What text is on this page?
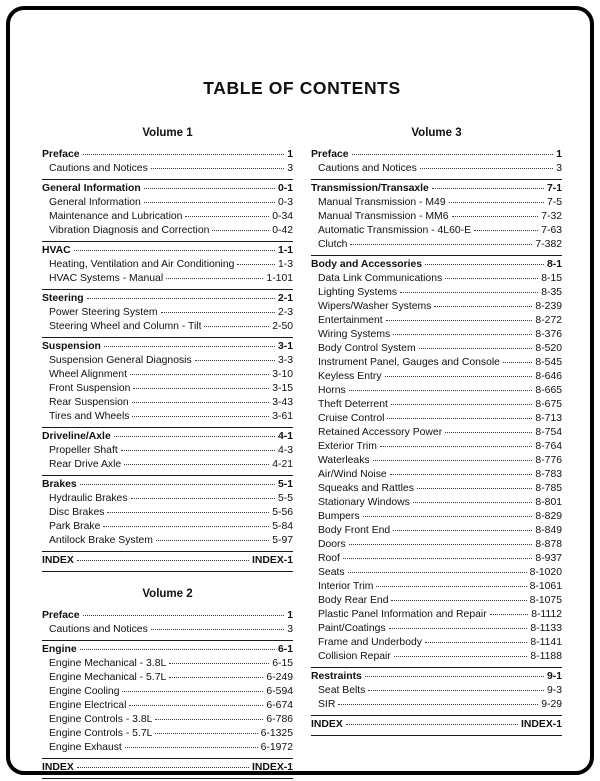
TABLE OF CONTENTS
Volume 1
Preface	1
Cautions and Notices	3
General Information	0-1
General Information	0-3
Maintenance and Lubrication	0-34
Vibration Diagnosis and Correction	0-42
HVAC	1-1
Heating, Ventilation and Air Conditioning	1-3
HVAC Systems - Manual	1-101
Steering	2-1
Power Steering System	2-3
Steering Wheel and Column - Tilt	2-50
Suspension	3-1
Suspension General Diagnosis	3-3
Wheel Alignment	3-10
Front Suspension	3-15
Rear Suspension	3-43
Tires and Wheels	3-61
Driveline/Axle	4-1
Propeller Shaft	4-3
Rear Drive Axle	4-21
Brakes	5-1
Hydraulic Brakes	5-5
Disc Brakes	5-56
Park Brake	5-84
Antilock Brake System	5-97
INDEX	INDEX-1
Volume 2
Preface	1
Cautions and Notices	3
Engine	6-1
Engine Mechanical - 3.8L	6-15
Engine Mechanical - 5.7L	6-249
Engine Cooling	6-594
Engine Electrical	6-674
Engine Controls - 3.8L	6-786
Engine Controls - 5.7L	6-1325
Engine Exhaust	6-1972
INDEX	INDEX-1
Volume 3
Preface	1
Cautions and Notices	3
Transmission/Transaxle	7-1
Manual Transmission - M49	7-5
Manual Transmission - MM6	7-32
Automatic Transmission - 4L60-E	7-63
Clutch	7-382
Body and Accessories	8-1
Data Link Communications	8-15
Lighting Systems	8-35
Wipers/Washer Systems	8-239
Entertainment	8-272
Wiring Systems	8-376
Body Control System	8-520
Instrument Panel, Gauges and Console	8-545
Keyless Entry	8-646
Horns	8-665
Theft Deterrent	8-675
Cruise Control	8-713
Retained Accessory Power	8-754
Exterior Trim	8-764
Waterleaks	8-776
Air/Wind Noise	8-783
Squeaks and Rattles	8-785
Stationary Windows	8-801
Bumpers	8-829
Body Front End	8-849
Doors	8-878
Roof	8-937
Seats	8-1020
Interior Trim	8-1061
Body Rear End	8-1075
Plastic Panel Information and Repair	8-1112
Paint/Coatings	8-1133
Frame and Underbody	8-1141
Collision Repair	8-1188
Restraints	9-1
Seat Belts	9-3
SIR	9-29
INDEX	INDEX-1
